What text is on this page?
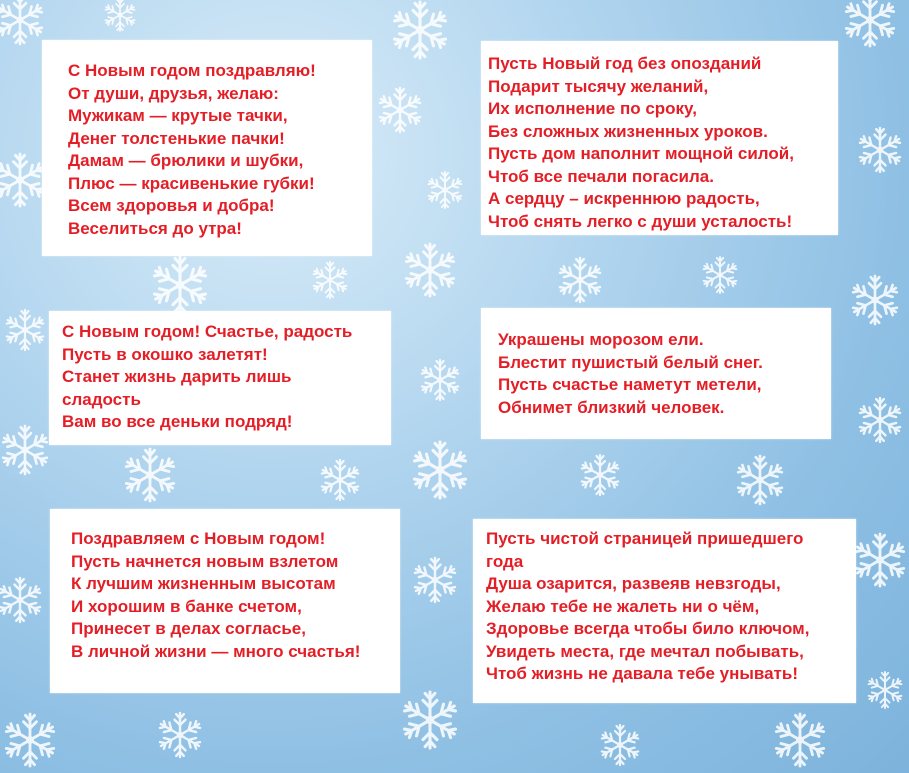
С Новым годом поздравляю!
От души, друзья, желаю:
Мужикам — крутые тачки,
Денег толстенькие пачки!
Дамам — брюлики и шубки,
Плюс — красивенькие губки!
Всем здоровья и добра!
Веселиться до утра!
Пусть Новый год без опозданий
Подарит тысячу желаний,
Их исполнение по сроку,
Без сложных жизненных уроков.
Пусть дом наполнит мощной силой,
Чтоб все печали погасила.
А сердцу – искреннюю радость,
Чтоб снять легко с души усталость!
С Новым годом! Счастье, радость
Пусть в окошко залетят!
Станет жизнь дарить лишь
сладость
Вам во все деньки подряд!
Украшены морозом ели.
Блестит пушистый белый снег.
Пусть счастье наметут метели,
Обнимет близкий человек.
Поздравляем с Новым годом!
Пусть начнется новым взлетом
К лучшим жизненным высотам
И хорошим в банке счетом,
Принесет в делах согласье,
В личной жизни — много счастья!
Пусть чистой страницей пришедшего
года
Душа озарится, развеяв невзгоды,
Желаю тебе не жалеть ни о чём,
Здоровье всегда чтобы било ключом,
Увидеть места, где мечтал побывать,
Чтоб жизнь не давала тебе унывать!
